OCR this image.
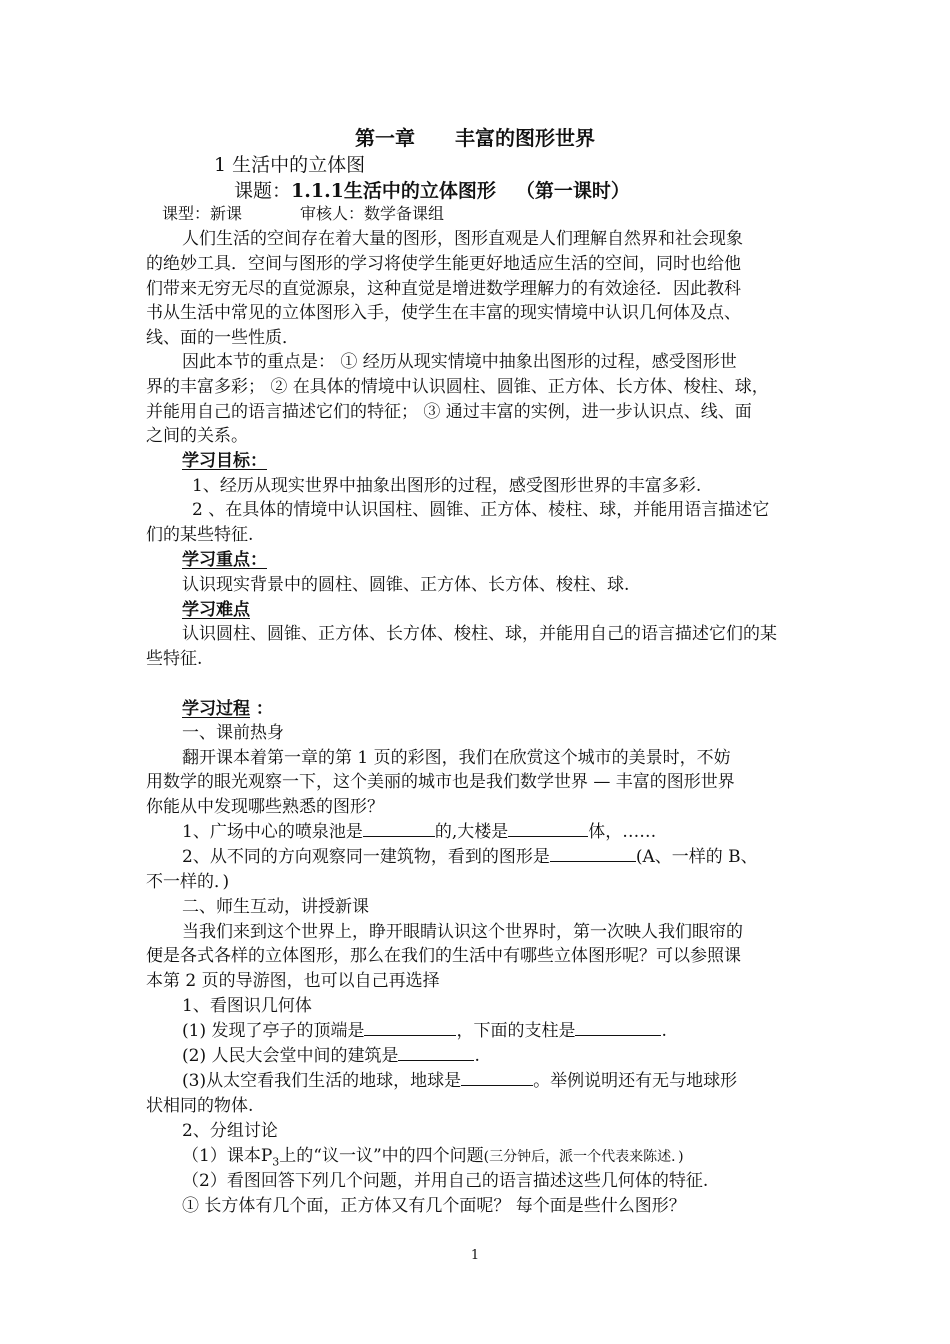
第一章　　丰富的图形世界
1 生活中的立体图
课题：1.1.1生活中的立体图形 （第一课时）
课型：新课	审核人：数学备课组
人们生活的空间存在着大量的图形，图形直观是人们理解自然界和社会现象
的绝妙工具．空间与图形的学习将使学生能更好地适应生活的空间，同时也给他
们带来无穷无尽的直觉源泉，这种直觉是增进数学理解力的有效途径．因此教科
书从生活中常见的立体图形入手，使学生在丰富的现实情境中认识几何体及点、
线、面的一些性质．
因此本节的重点是： ① 经历从现实情境中抽象出图形的过程，感受图形世
界的丰富多彩； ② 在具体的情境中认识圆柱、圆锥、正方体、长方体、梭柱、球，
并能用自己的语言描述它们的特征； ③ 通过丰富的实例，进一步认识点、线、面
之间的关系。
学习目标：
1、经历从现实世界中抽象出图形的过程，感受图形世界的丰富多彩.
2 、在具体的情境中认识国柱、圆锥、正方体、棱柱、球，并能用语言描述它
们的某些特征.
学习重点：
认识现实背景中的圆柱、圆锥、正方体、长方体、梭柱、球.
学习难点
认识圆柱、圆锥、正方体、长方体、梭柱、球，并能用自己的语言描述它们的某
些特征.
学习过程 ：
一、课前热身
翻开课本着第一章的第 1 页的彩图，我们在欣赏这个城市的美景时，不妨
用数学的眼光观察一下，这个美丽的城市也是我们数学世界 — 丰富的图形世界
你能从中发现哪些熟悉的图形？
1、广场中心的喷泉池是	的,大楼是	体，……
2、从不同的方向观察同一建筑物，看到的图形是	(A、一样的 B、
不一样的．)
二、师生互动，讲授新课
当我们来到这个世界上，睁开眼睛认识这个世界时，第一次映人我们眼帘的
便是各式各样的立体图形，那么在我们的生活中有哪些立体图形呢？可以参照课
本第 2 页的导游图，也可以自己再选择
1、看图识几何体
(1) 发现了亭子的顶端是	，下面的支柱是	.
(2) 人民大会堂中间的建筑是	.
(3)从太空看我们生活的地球，地球是	。举例说明还有无与地球形
状相同的物体.
2、分组讨论
（1）课本$P_3$上的“议一议”中的四个问题(三分钟后，派一个代表来陈述．)
（2）看图回答下列几个问题，并用自己的语言描述这些几何体的特征.
① 长方体有几个面，正方体又有几个面呢？ 每个面是些什么图形？
1
